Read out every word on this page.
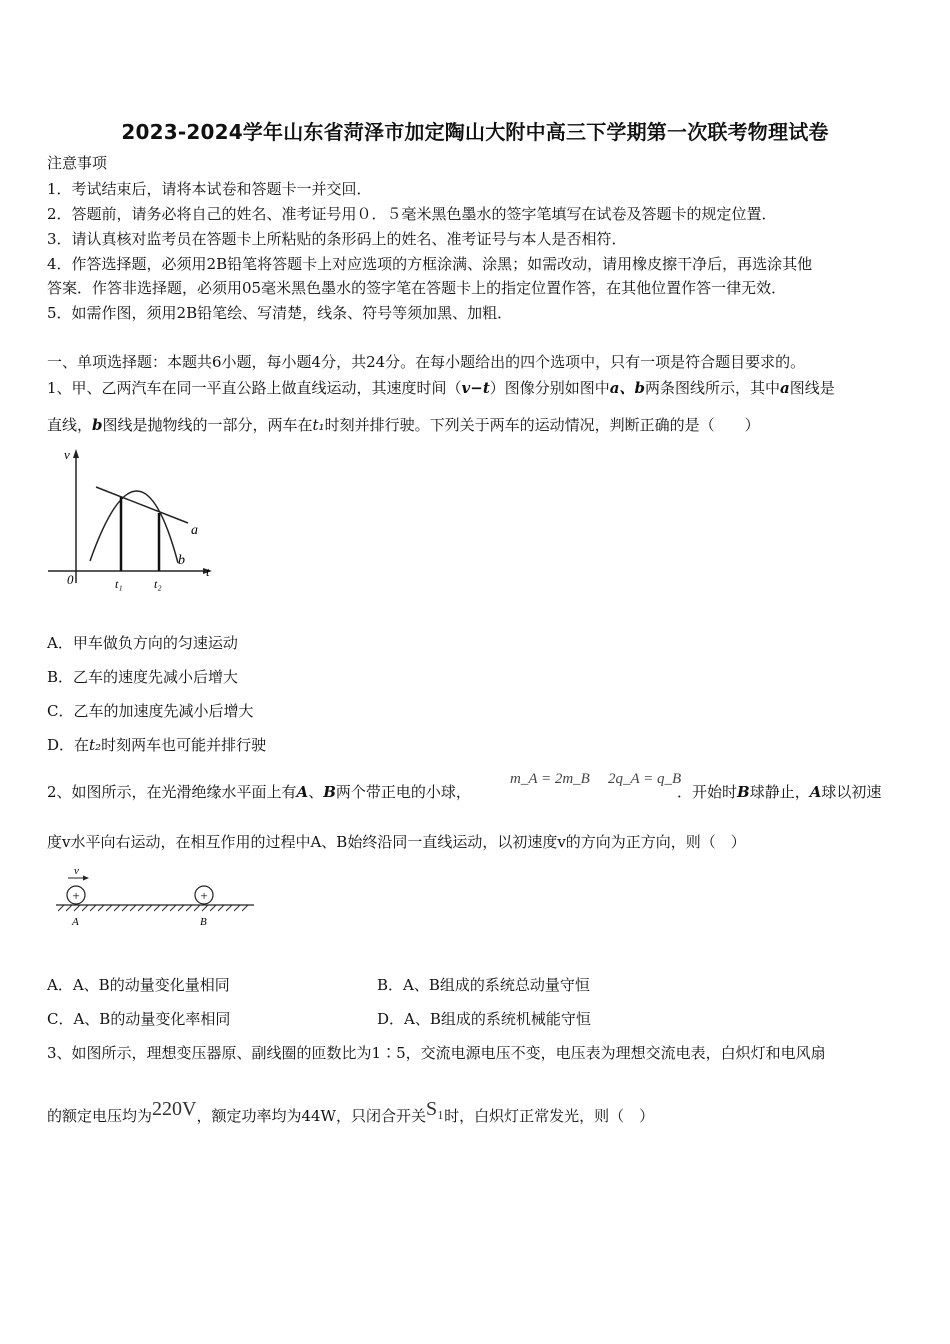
2023-2024学年山东省菏泽市加定陶山大附中高三下学期第一次联考物理试卷
注意事项
1．考试结束后，请将本试卷和答题卡一并交回．
2．答题前，请务必将自己的姓名、准考证号用０．５毫米黑色墨水的签字笔填写在试卷及答题卡的规定位置．
3．请认真核对监考员在答题卡上所粘贴的条形码上的姓名、准考证号与本人是否相符．
4．作答选择题，必须用2B铅笔将答题卡上对应选项的方框涂满、涂黑；如需改动，请用橡皮擦干净后，再选涂其他
答案．作答非选择题，必须用05毫米黑色墨水的签字笔在答题卡上的指定位置作答，在其他位置作答一律无效．
5．如需作图，须用2B铅笔绘、写清楚，线条、符号等须加黑、加粗．
一、单项选择题：本题共6小题，每小题4分，共24分。在每小题给出的四个选项中，只有一项是符合题目要求的。
1、甲、乙两汽车在同一平直公路上做直线运动，其速度时间（v−t）图像分别如图中a、b两条图线所示，其中a图线是
直线，b图线是抛物线的一部分，两车在t₁时刻并排行驶。下列关于两车的运动情况，判断正确的是（　　）
v
t
0	t₁	t₂
a
b
A．甲车做负方向的匀速运动
B．乙车的速度先减小后增大
C．乙车的加速度先减小后增大
D．在t₂时刻两车也可能并排行驶
2、如图所示，在光滑绝缘水平面上有A、B两个带正电的小球，
m_A = 2m_B 2q_A = q_B
．开始时B球静止，A球以初速
度v水平向右运动，在相互作用的过程中A、B始终沿同一直线运动，以初速度v的方向为正方向，则（　）
v
+	+
A	B
A．A、B的动量变化量相同	B．A、B组成的系统总动量守恒
C．A、B的动量变化率相同	D．A、B组成的系统机械能守恒
3、如图所示，理想变压器原、副线圈的匝数比为1∶5，交流电源电压不变，电压表为理想交流电表，白炽灯和电风扇
的额定电压均为220V，额定功率均为44W，只闭合开关S₁时，白炽灯正常发光，则（　）
